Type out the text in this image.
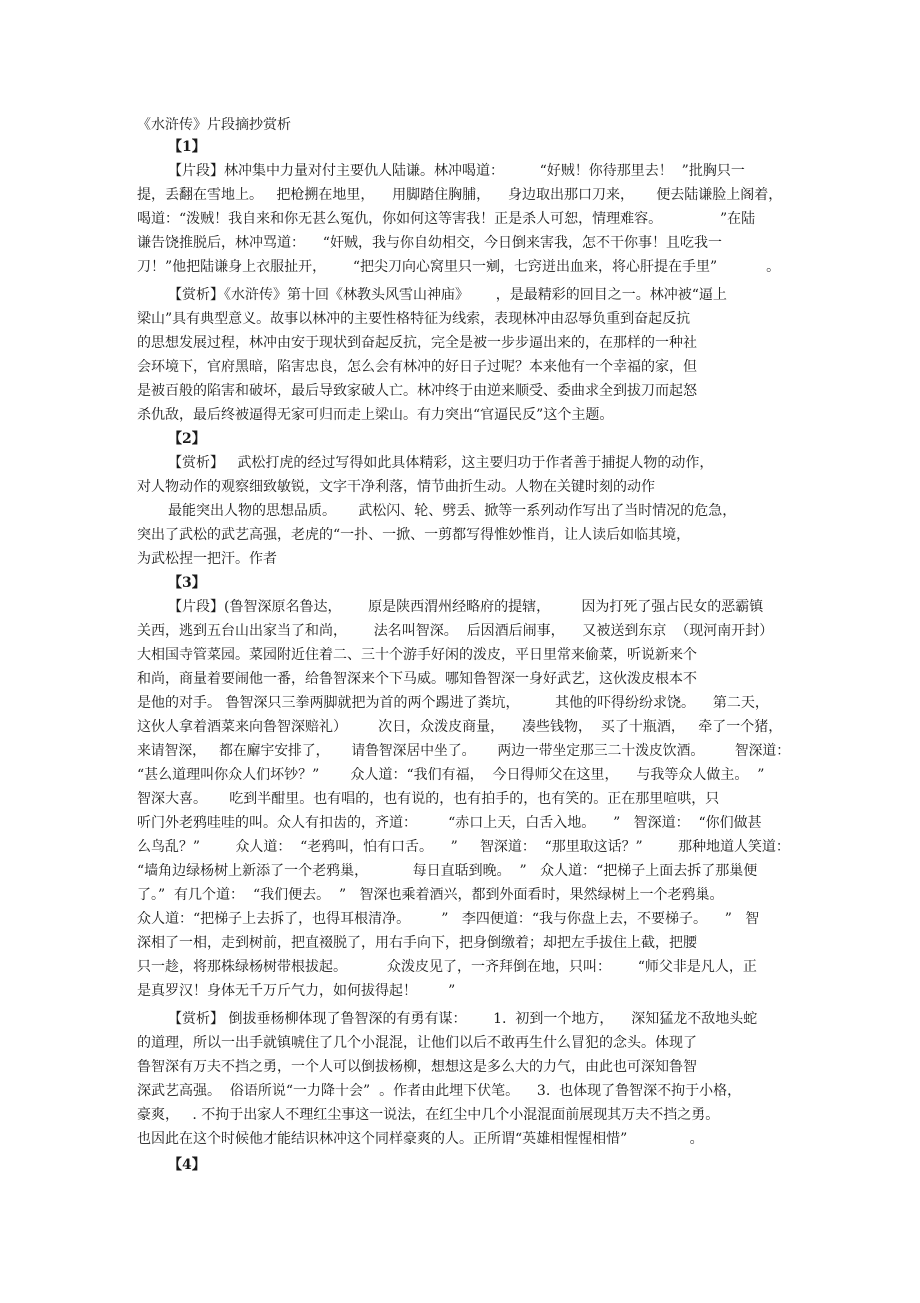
《水浒传》片段摘抄赏析
【1】
【片段】林冲集中力量对付主要仇人陆谦。林冲喝道：        “好贼！你待那里去！  ”批胸只一
提，丢翻在雪地上。   把枪搠在地里，    用脚踏住胸脯，    身边取出那口刀来，     便去陆谦脸上阁着，
喝道：“泼贼！我自来和你无甚么冤仇，你如何这等害我！正是杀人可恕，情理难容。             ”在陆
谦告饶推脱后，林冲骂道：    “奸贼，我与你自幼相交，今日倒来害我，怎不干你事！且吃我一
刀！”他把陆谦身上衣服扯开，      “把尖刀向心窝里只一剜，七窍迸出血来，将心肝提在手里”           。
【赏析】《水浒传》第十回《林教头风雪山神庙》      ，是最精彩的回目之一。林冲被“逼上
梁山”具有典型意义。故事以林冲的主要性格特征为线索，表现林冲由忍辱负重到奋起反抗
的思想发展过程，林冲由安于现状到奋起反抗，完全是被一步步逼出来的，在那样的一种社
会环境下，官府黑暗，陷害忠良，怎么会有林冲的好日子过呢？本来他有一个幸福的家，但
是被百般的陷害和破坏，最后导致家破人亡。林冲终于由逆来顺受、委曲求全到拔刀而起怒
杀仇敌，最后终被逼得无家可归而走上梁山。有力突出“官逼民反”这个主题。
【2】
【赏析】   武松打虎的经过写得如此具体精彩，这主要归功于作者善于捕捉人物的动作，
对人物动作的观察细致敏锐，文字干净利落，情节曲折生动。人物在关键时刻的动作
最能突出人物的思想品质。     武松闪、轮、劈丢、掀等一系列动作写出了当时情况的危急，
突出了武松的武艺高强，老虎的“一扑、一掀、一剪都写得惟妙惟肖，让人读后如临其境，
为武松捏一把汗。作者
【3】
【片段】(鲁智深原名鲁达，      原是陕西渭州经略府的提辖，       因为打死了强占民女的恶霸镇
关西，逃到五台山出家当了和尚，      法名叫智深。  后因酒后闹事，    又被送到东京  （现河南开封）
大相国寺管菜园。菜园附近住着二、三十个游手好闲的泼皮，平日里常来偷菜，听说新来个
和尚，商量着要闹他一番，给鲁智深来个下马威。哪知鲁智深一身好武艺，这伙泼皮根本不
是他的对手。 鲁智深只三拳两脚就把为首的两个踢进了粪坑，        其他的吓得纷纷求饶。    第二天，
这伙人拿着酒菜来向鲁智深赔礼）       次日，众泼皮商量，    凑些钱物，  买了十瓶酒，   牵了一个猪，
来请智深，   都在廨宇安排了，     请鲁智深居中坐了。     两边一带坐定那三二十泼皮饮酒。       智深道：
“甚么道理叫你众人们坏钞？”       众人道：“我们有福，  今日得师父在这里，    与我等众人做主。  ”
智深大喜。     吃到半酣里。也有唱的，也有说的，也有拍手的，也有笑的。正在那里喧哄，只
听门外老鸦哇哇的叫。众人有扣齿的，齐道：       “赤口上天，白舌入地。    ”   智深道：  “你们做甚
么鸟乱？”        众人道：  “老鸦叫，怕有口舌。    ”     智深道：  “那里取这话？”        那种地道人笑道：
“墙角边绿杨树上新添了一个老鸦巢，          每日直聒到晚。  ”   众人道：“把梯子上面去拆了那巢便
了。”  有几个道：  “我们便去。  ”   智深也乘着酒兴，都到外面看时，果然绿树上一个老鸦巢。
众人道：“把梯子上去拆了，也得耳根清净。       ”   李四便道：“我与你盘上去，不要梯子。    ”   智
深相了一相，走到树前，把直裰脱了，用右手向下，把身倒缴着；却把左手拔住上截，把腰
只一趁，将那株绿杨树带根拔起。         众泼皮见了，一齐拜倒在地，只叫：      “师父非是凡人，正
是真罗汉！身体无千万斤气力，如何拔得起！       ”
【赏析】 倒拔垂杨柳体现了鲁智深的有勇有谋：      1.  初到一个地方，    深知猛龙不敌地头蛇
的道理，所以一出手就镇唬住了几个小混混，让他们以后不敢再生什么冒犯的念头。体现了
鲁智深有万夫不挡之勇，一个人可以倒拔杨柳，想想这是多么大的力气，由此也可深知鲁智
深武艺高强。  俗语所说“一力降十会”  。作者由此埋下伏笔。    3.  也体现了鲁智深不拘于小格，
豪爽，   . 不拘于出家人不理红尘事这一说法，在红尘中几个小混混面前展现其万夫不挡之勇。
也因此在这个时候他才能结识林冲这个同样豪爽的人。正所谓“英雄相惺惺相惜”              。
【4】
